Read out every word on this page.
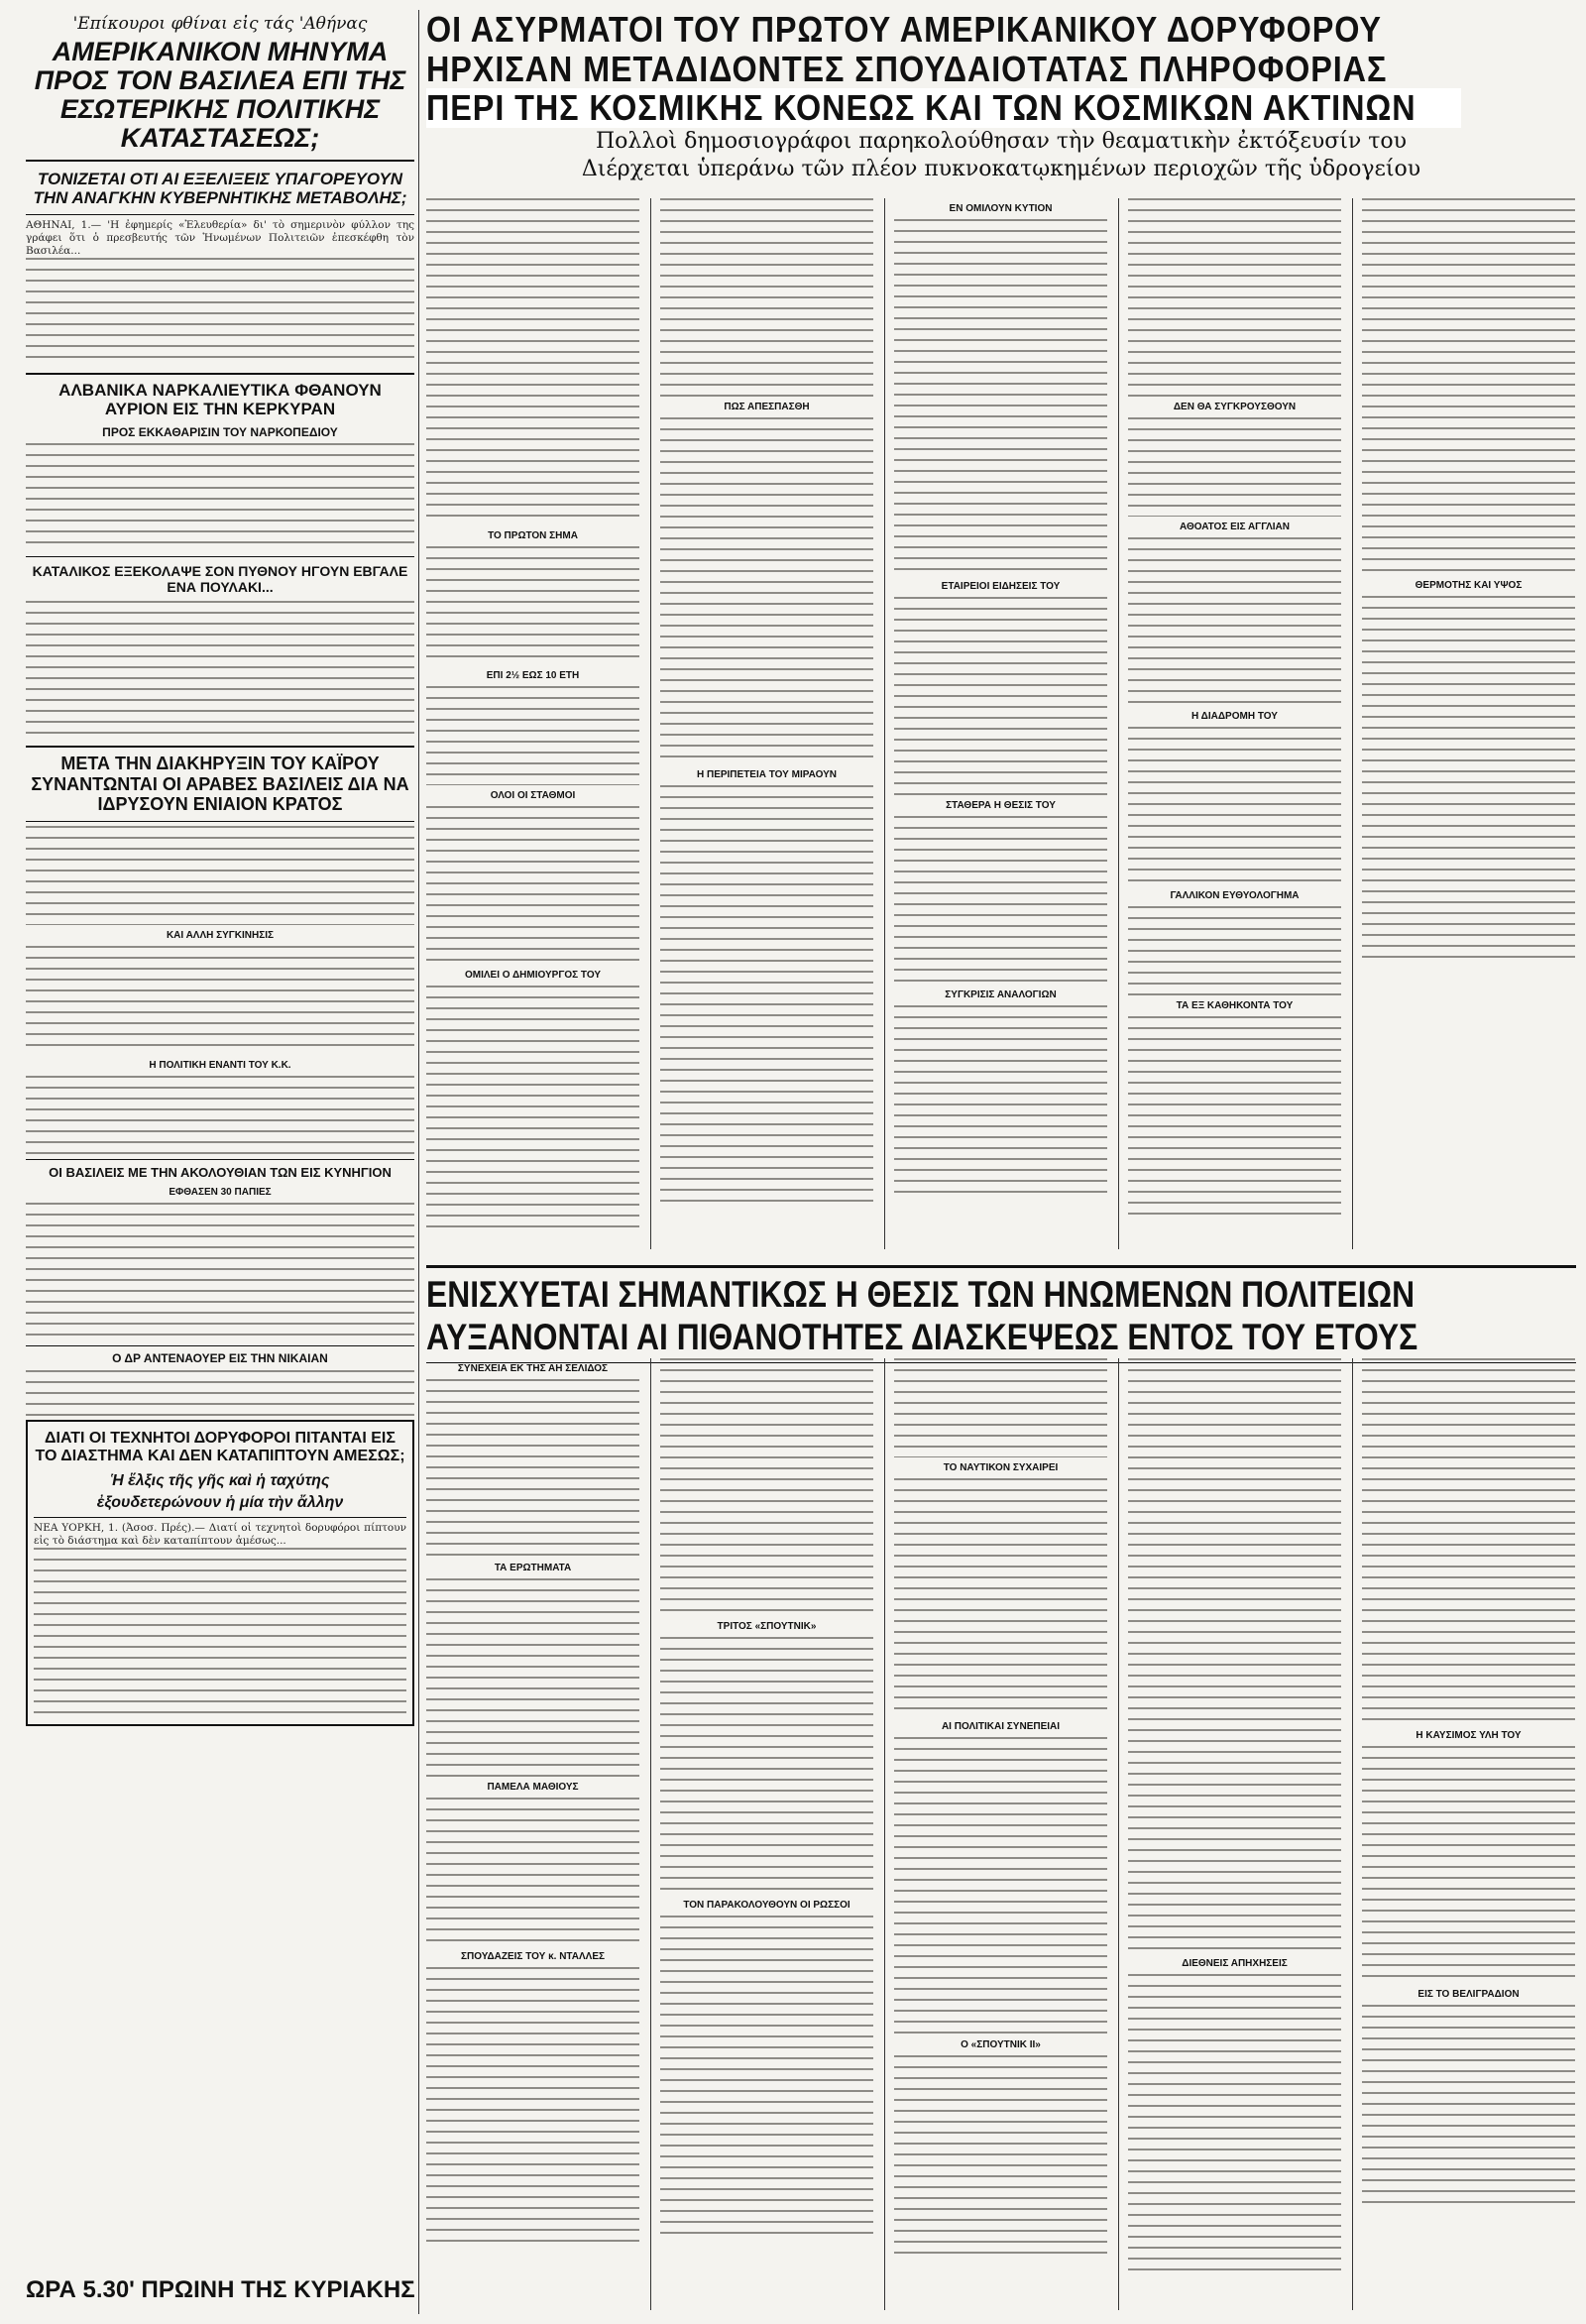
'Επίκουροι φθίναι εἰς τάς 'Αθήνας

ΑΜΕΡΙΚΑΝΙΚΟΝ ΜΗΝΥΜΑ ΠΡΟΣ ΤΟΝ ΒΑΣΙΛΕΑ ΕΠΙ ΤΗΣ ΕΣΩΤΕΡΙΚΗΣ ΠΟΛΙΤΙΚΗΣ ΚΑΤΑΣΤΑΣΕΩΣ;

ΤΟΝΙΖΕΤΑΙ ΟΤΙ ΑΙ ΕΞΕΛΙΞΕΙΣ ΥΠΑΓΟΡΕΥΟΥΝ ΤΗΝ ΑΝΑΓΚΗΝ ΚΥΒΕΡΝΗΤΙΚΗΣ ΜΕΤΑΒΟΛΗΣ;

ΑΘΗΝΑΙ, 1.— 'Η ἐφημερίς «Ἐλευθερία» δι' τὸ σημερινὸν φύλλον της γράφει ὅτι ὁ πρεσβευτής τῶν Ἡνωμένων Πολιτειῶν ἐπεσκέφθη τὸν Βασιλέα...

ΑΛΒΑΝΙΚΑ ΝΑΡΚΑΛΙΕΥΤΙΚΑ ΦΘΑΝΟΥΝ ΑΥΡΙΟΝ ΕΙΣ ΤΗΝ ΚΕΡΚΥΡΑΝ

ΠΡΟΣ ΕΚΚΑΘΑΡΙΣΙΝ ΤΟΥ ΝΑΡΚΟΠΕΔΙΟΥ

ΚΑΤΑΛΙΚΟΣ ΕΞΕΚΟΛΑΨΕ ΣΟΝ ΠΥΘΝΟΥ ΗΓΟΥΝ ΕΒΓΑΛΕ ΕΝΑ ΠΟΥΛΑΚΙ...

ΜΕΤΑ ΤΗΝ ΔΙΑΚΗΡΥΞΙΝ ΤΟΥ ΚΑΪΡΟΥ ΣΥΝΑΝΤΩΝΤΑΙ ΟΙ ΑΡΑΒΕΣ ΒΑΣΙΛΕΙΣ ΔΙΑ ΝΑ ΙΔΡΥΣΟΥΝ ΕΝΙΑΙΟΝ ΚΡΑΤΟΣ

ΚΑΙ ΑΛΛΗ ΣΥΓΚΙΝΗΣΙΣ

Η ΠΟΛΙΤΙΚΗ ΕΝΑΝΤΙ ΤΟΥ Κ.Κ.

ΟΙ ΒΑΣΙΛΕΙΣ ΜΕ ΤΗΝ ΑΚΟΛΟΥΘΙΑΝ ΤΩΝ ΕΙΣ ΚΥΝΗΓΙΟΝ

ΕΦΘΑΣΕΝ 30 ΠΑΠΙΕΣ

Ο ΔΡ ΑΝΤΕΝΑΟΥΕΡ ΕΙΣ ΤΗΝ ΝΙΚΑΙΑΝ

ΔΙΑΤΙ ΟΙ ΤΕΧΝΗΤΟΙ ΔΟΡΥΦΟΡΟΙ ΠΙΤΑΝΤΑΙ ΕΙΣ ΤΟ ΔΙΑΣΤΗΜΑ ΚΑΙ ΔΕΝ ΚΑΤΑΠΙΠΤΟΥΝ ΑΜΕΣΩΣ;

Ἡ ἕλξις τῆς γῆς καὶ ἡ ταχύτης

ἐξουδετερώνουν ἡ μία τὴν ἄλλην

ΝΕΑ ΥΟΡΚΗ, 1. (Ἀσοσ. Πρές).— Διατί οἱ τεχνητοὶ δορυφόροι πίπτουν εἰς τὸ διάστημα καὶ δὲν καταπίπτουν ἀμέσως...

ΩΡΑ 5.30' ΠΡΩΙΝΗ ΤΗΣ ΚΥΡΙΑΚΗΣ

ΟΙ ΑΣΥΡΜΑΤΟΙ ΤΟΥ ΠΡΩΤΟΥ ΑΜΕΡΙΚΑΝΙΚΟΥ ΔΟΡΥΦΟΡΟΥ

ΗΡΧΙΣΑΝ ΜΕΤΑΔΙΔΟΝΤΕΣ ΣΠΟΥΔΑΙΟΤΑΤΑΣ ΠΛΗΡΟΦΟΡΙΑΣ

ΠΕΡΙ ΤΗΣ ΚΟΣΜΙΚΗΣ ΚΟΝΕΩΣ ΚΑΙ ΤΩΝ ΚΟΣΜΙΚΩΝ ΑΚΤΙΝΩΝ

Πολλοὶ δημοσιογράφοι παρηκολούθησαν τὴν θεαματικὴν ἐκτόξευσίν του

Διέρχεται ὑπεράνω τῶν πλέον πυκνοκατῳκημένων περιοχῶν τῆς ὑδρογείου

ΤΟ ΠΡΩΤΟΝ ΣΗΜΑ

ΕΠΙ 2½ ΕΩΣ 10 ΕΤΗ

ΟΛΟΙ ΟΙ ΣΤΑΘΜΟΙ

ΟΜΙΛΕΙ Ο ΔΗΜΙΟΥΡΓΟΣ ΤΟΥ

ΠΩΣ ΑΠΕΣΠΑΣΘΗ

Η ΠΕΡΙΠΕΤΕΙΑ ΤΟΥ ΜΙΡΑΟΥΝ

ΕΝ ΟΜΙΛΟΥΝ ΚΥΤΙΟΝ

ΕΤΑΙΡΕΙΟΙ ΕΙΔΗΣΕΙΣ ΤΟΥ

ΣΤΑΘΕΡΑ Η ΘΕΣΙΣ ΤΟΥ

ΣΥΓΚΡΙΣΙΣ ΑΝΑΛΟΓΙΩΝ

ΔΕΝ ΘΑ ΣΥΓΚΡΟΥΣΘΟΥΝ

ΑΘΟΑΤΟΣ ΕΙΣ ΑΓΓΛΙΑΝ

Η ΔΙΑΔΡΟΜΗ ΤΟΥ

ΓΑΛΛΙΚΟΝ ΕΥΘΥΟΛΟΓΗΜΑ

ΤΑ ΕΞ ΚΑΘΗΚΟΝΤΑ ΤΟΥ

ΘΕΡΜΟΤΗΣ ΚΑΙ ΥΨΟΣ

ΕΝΙΣΧΥΕΤΑΙ ΣΗΜΑΝΤΙΚΩΣ Η ΘΕΣΙΣ ΤΩΝ ΗΝΩΜΕΝΩΝ ΠΟΛΙΤΕΙΩΝ

ΑΥΞΑΝΟΝΤΑΙ ΑΙ ΠΙΘΑΝΟΤΗΤΕΣ ΔΙΑΣΚΕΨΕΩΣ ΕΝΤΟΣ ΤΟΥ ΕΤΟΥΣ

ΣΥΝΕΧΕΙΑ ΕΚ ΤΗΣ ΑΗ ΣΕΛΙΔΟΣ

ΤΑ ΕΡΩΤΗΜΑΤΑ

ΠΑΜΕΛΑ ΜΑΘΙΟΥΣ

ΣΠΟΥΔΑΖΕΙΣ ΤΟΥ κ. ΝΤΑΛΛΕΣ

ΤΡΙΤΟΣ «ΣΠΟΥΤΝΙΚ»

ΤΟΝ ΠΑΡΑΚΟΛΟΥΘΟΥΝ ΟΙ ΡΩΣΣΟΙ

ΤΟ ΝΑΥΤΙΚΟΝ ΣΥΧΑΙΡΕΙ

ΑΙ ΠΟΛΙΤΙΚΑΙ ΣΥΝΕΠΕΙΑΙ

Ο «ΣΠΟΥΤΝΙΚ ΙΙ»

ΔΙΕΘΝΕΙΣ ΑΠΗΧΗΣΕΙΣ

Η ΚΑΥΣΙΜΟΣ ΥΛΗ ΤΟΥ

ΕΙΣ ΤΟ ΒΕΛΙΓΡΑΔΙΟΝ
